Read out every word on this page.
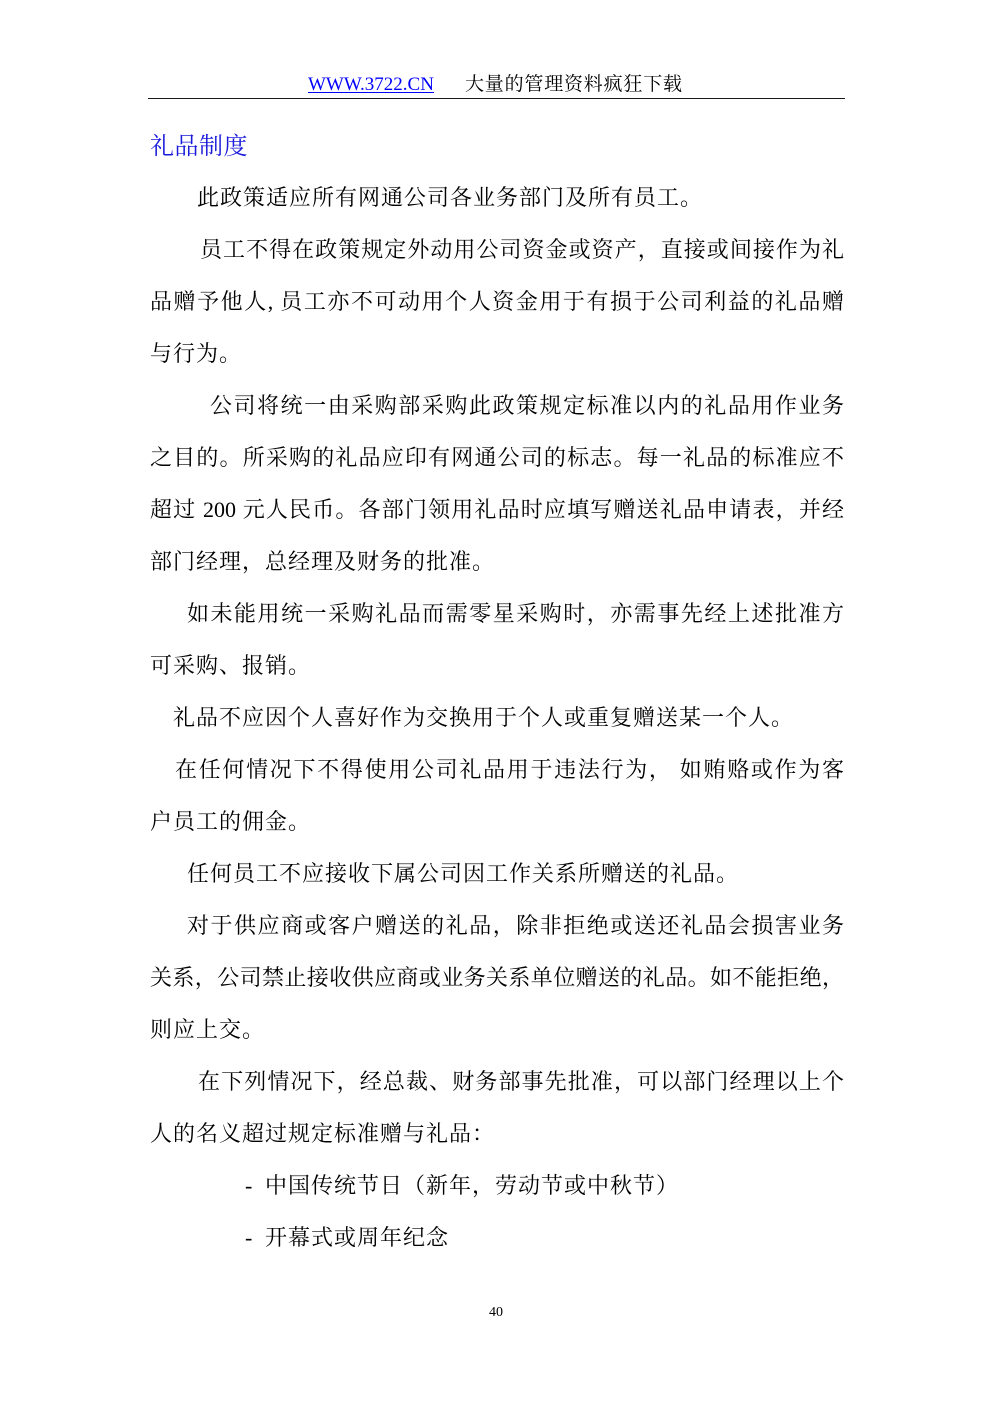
WWW.3722.CN 大量的管理资料疯狂下载
礼品制度
此政策适应所有网通公司各业务部门及所有员工。
员工不得在政策规定外动用公司资金或资产，直接或间接作为礼
品赠予他人, 员工亦不可动用个人资金用于有损于公司利益的礼品赠
与行为。
公司将统一由采购部采购此政策规定标准以内的礼品用作业务
之目的。所采购的礼品应印有网通公司的标志。每一礼品的标准应不
超过 200 元人民币。各部门领用礼品时应填写赠送礼品申请表，并经
部门经理，总经理及财务的批准。
如未能用统一采购礼品而需零星采购时，亦需事先经上述批准方
可采购、报销。
礼品不应因个人喜好作为交换用于个人或重复赠送某一个人。
在任何情况下不得使用公司礼品用于违法行为， 如贿赂或作为客
户员工的佣金。
任何员工不应接收下属公司因工作关系所赠送的礼品。
对于供应商或客户赠送的礼品，除非拒绝或送还礼品会损害业务
关系，公司禁止接收供应商或业务关系单位赠送的礼品。如不能拒绝，
则应上交。
在下列情况下，经总裁、财务部事先批准，可以部门经理以上个
人的名义超过规定标准赠与礼品：
- 中国传统节日（新年，劳动节或中秋节）
- 开幕式或周年纪念
40
